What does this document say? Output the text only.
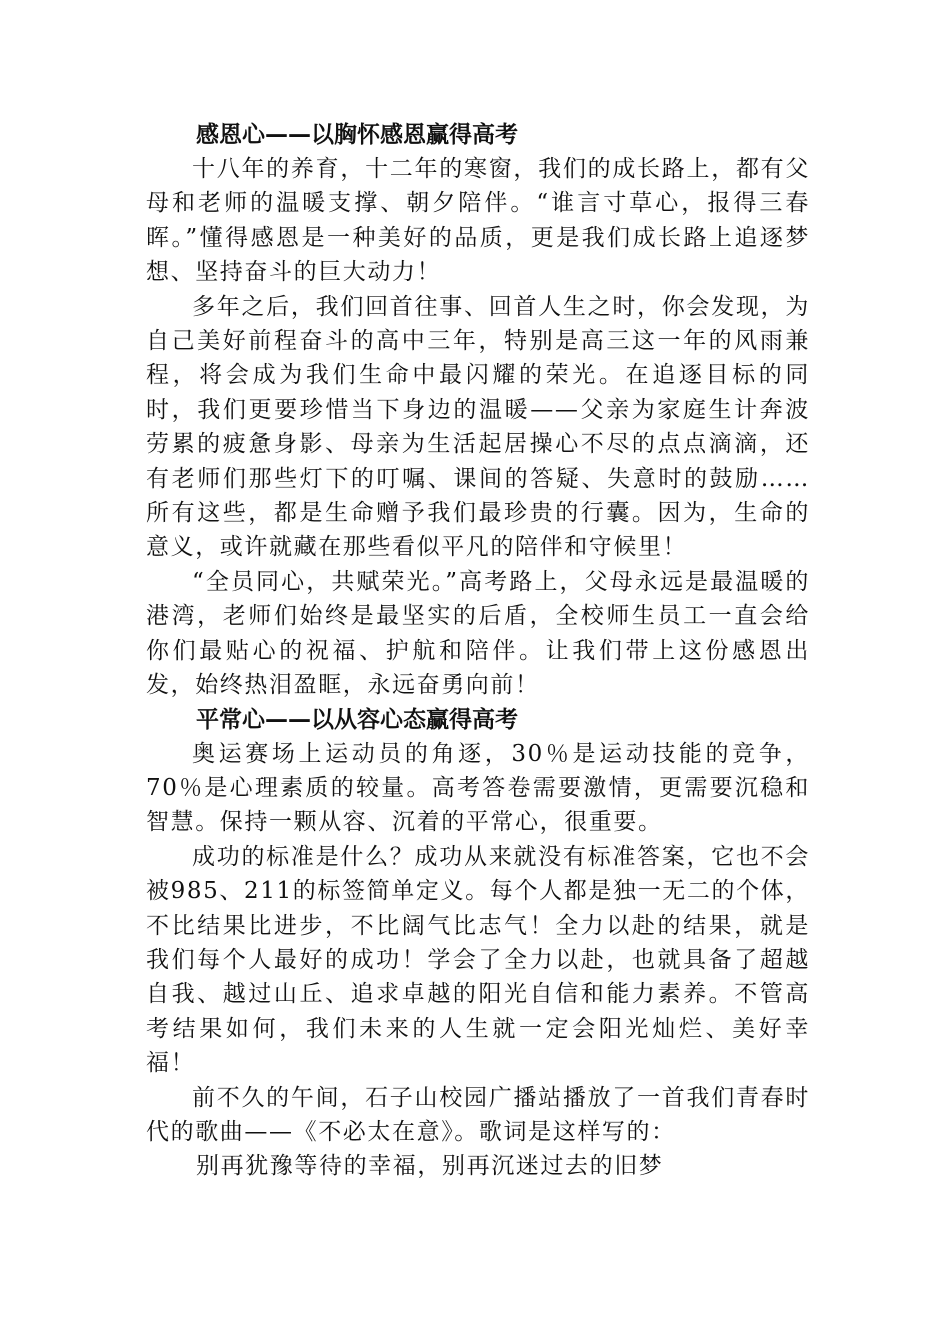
感恩心——以胸怀感恩赢得高考

十八年的养育，十二年的寒窗，我们的成长路上，都有父母和老师的温暖支撑、朝夕陪伴。“谁言寸草心，报得三春晖。”懂得感恩是一种美好的品质，更是我们成长路上追逐梦想、坚持奋斗的巨大动力！

多年之后，我们回首往事、回首人生之时，你会发现，为自己美好前程奋斗的高中三年，特别是高三这一年的风雨兼程，将会成为我们生命中最闪耀的荣光。在追逐目标的同时，我们更要珍惜当下身边的温暖——父亲为家庭生计奔波劳累的疲惫身影、母亲为生活起居操心不尽的点点滴滴，还有老师们那些灯下的叮嘱、课间的答疑、失意时的鼓励……所有这些，都是生命赠予我们最珍贵的行囊。因为，生命的意义，或许就藏在那些看似平凡的陪伴和守候里！

“全员同心，共赋荣光。”高考路上，父母永远是最温暖的港湾，老师们始终是最坚实的后盾，全校师生员工一直会给你们最贴心的祝福、护航和陪伴。让我们带上这份感恩出发，始终热泪盈眶，永远奋勇向前！

平常心——以从容心态赢得高考

奥运赛场上运动员的角逐，30％是运动技能的竞争，70％是心理素质的较量。高考答卷需要激情，更需要沉稳和智慧。保持一颗从容、沉着的平常心，很重要。

成功的标准是什么？成功从来就没有标准答案，它也不会被985、211的标签简单定义。每个人都是独一无二的个体，不比结果比进步，不比阔气比志气！全力以赴的结果，就是我们每个人最好的成功！学会了全力以赴，也就具备了超越自我、越过山丘、追求卓越的阳光自信和能力素养。不管高考结果如何，我们未来的人生就一定会阳光灿烂、美好幸福！

前不久的午间，石子山校园广播站播放了一首我们青春时代的歌曲——《不必太在意》。歌词是这样写的：

别再犹豫等待的幸福，别再沉迷过去的旧梦
